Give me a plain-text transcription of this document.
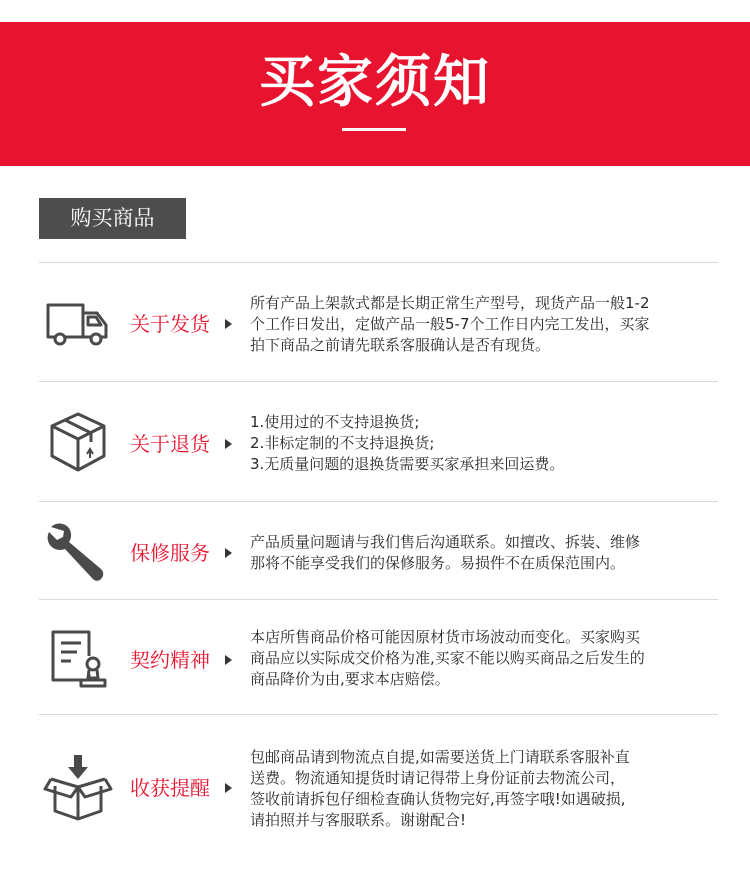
买家须知
购买商品
关于发货
所有产品上架款式都是长期正常生产型号，现货产品一般1-2
个工作日发出，定做产品一般5-7个工作日内完工发出，买家
拍下商品之前请先联系客服确认是否有现货。
关于退货
1.使用过的不支持退换货;
2.非标定制的不支持退换货;
3.无质量问题的退换货需要买家承担来回运费。
保修服务	产品质量问题请与我们售后沟通联系。如擅改、拆装、维修
那将不能享受我们的保修服务。易损件不在质保范围内。
契约精神
本店所售商品价格可能因原材货市场波动而变化。买家购买
商品应以实际成交价格为准,买家不能以购买商品之后发生的
商品降价为由,要求本店赔偿。
收获提醒
包邮商品请到物流点自提,如需要送货上门请联系客服补直
送费。物流通知提货时请记得带上身份证前去物流公司，
签收前请拆包仔细检查确认货物完好,再签字哦!如遇破损,
请拍照并与客服联系。谢谢配合!
